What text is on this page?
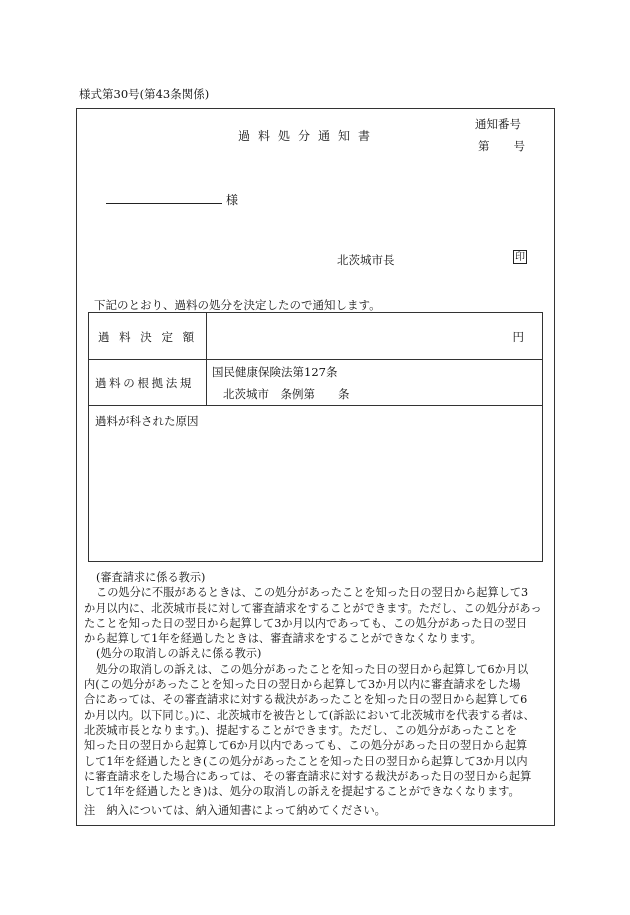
様式第30号(第43条関係)
過料処分通知書
通知番号
第号
様
北茨城市長	印
下記のとおり、過料の処分を決定したので通知します。
過 料 決 定 額	円
過 料 の 根 拠 法 規
国民健康保険法第127条
北茨城市　条例第　　条
過料が科された原因

(審査請求に係る教示)

この処分に不服があるときは、この処分があったことを知った日の翌日から起算して3

か月以内に、北茨城市長に対して審査請求をすることができます。ただし、この処分があっ

たことを知った日の翌日から起算して3か月以内であっても、この処分があった日の翌日

から起算して1年を経過したときは、審査請求をすることができなくなります。

(処分の取消しの訴えに係る教示)

処分の取消しの訴えは、この処分があったことを知った日の翌日から起算して6か月以

内(この処分があったことを知った日の翌日から起算して3か月以内に審査請求をした場

合にあっては、その審査請求に対する裁決があったことを知った日の翌日から起算して6

か月以内。以下同じ。)に、北茨城市を被告として(訴訟において北茨城市を代表する者は、

北茨城市長となります。)、提起することができます。ただし、この処分があったことを

知った日の翌日から起算して6か月以内であっても、この処分があった日の翌日から起算

して1年を経過したとき(この処分があったことを知った日の翌日から起算して3か月以内

に審査請求をした場合にあっては、その審査請求に対する裁決があった日の翌日から起算

して1年を経過したとき)は、処分の取消しの訴えを提起することができなくなります。

注　納入については、納入通知書によって納めてください。
